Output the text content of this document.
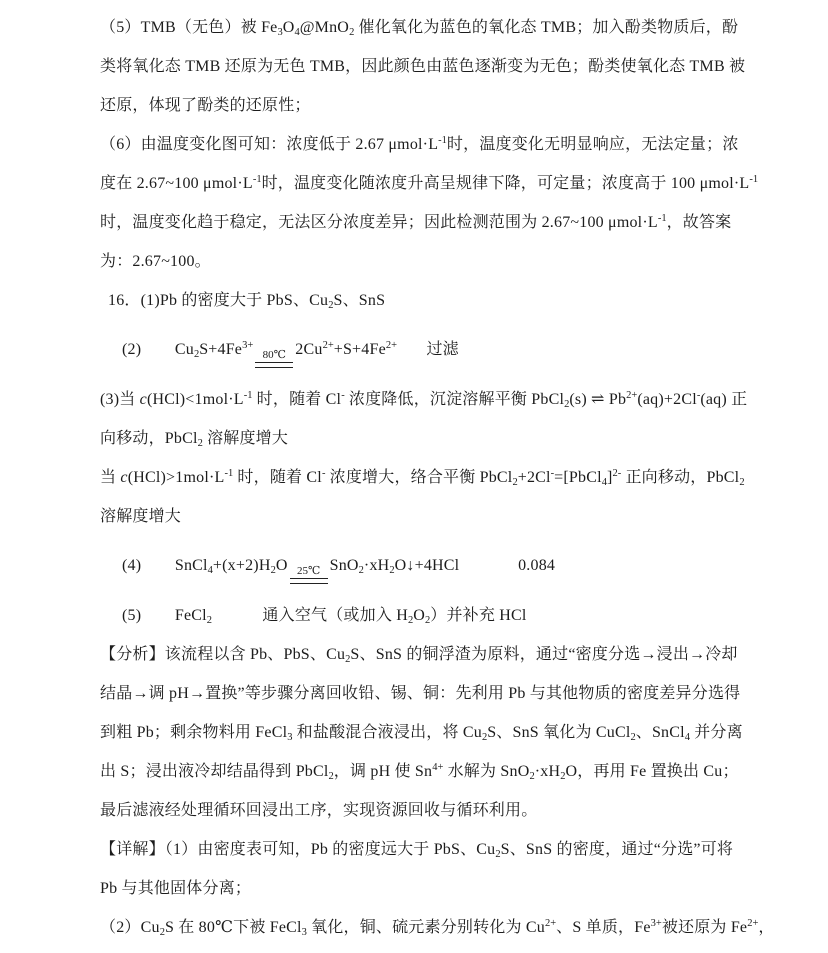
（5）TMB（无色）被 $Fe_3O_4@MnO_2$ 催化氧化为蓝色的氧化态 TMB；加入酚类物质后，酚
类将氧化态 TMB 还原为无色 TMB，因此颜色由蓝色逐渐变为无色；酚类使氧化态 TMB 被
还原，体现了酚类的还原性；
（6）由温度变化图可知：浓度低于 2.67 $\mu mol\cdot L^{-1}$时，温度变化无明显响应，无法定量；浓
度在 2.67~100 $\mu mol\cdot L^{-1}$时，温度变化随浓度升高呈规律下降，可定量；浓度高于 100 $\mu mol\cdot L^{-1}$
时，温度变化趋于稳定，无法区分浓度差异；因此检测范围为 2.67~100 $\mu mol\cdot L^{-1}$，故答案
为：2.67~100。
16．(1)Pb 的密度大于 PbS、$Cu_2S$、SnS
(2)        $Cu_2S+4Fe^{3+}$
80℃ $2Cu^{2+}+S+4Fe^{2+}$       过滤
(3)当 $c(HCl)<1mol\cdot L^{-1}$ 时，随着 Cl- 浓度降低，沉淀溶解平衡 PbCl$_2$(s) ⇌ $Pb^{2+}(aq)+2Cl^-(aq)$ 正
向移动，PbCl$_2$ 溶解度增大
当 $c(HCl)>1mol\cdot L^{-1}$ 时，随着 Cl- 浓度增大，络合平衡 PbCl$_2$+2Cl-=[PbCl$_4$]$^{2-}$ 正向移动，PbCl$_2$
溶解度增大
(4)        $SnCl_4+(x+2)H_2O$ 25℃ $SnO_2\cdot xH_2O↓+4HCl$              0.084
(5)        FeCl$_2$            通入空气（或加入 $H_2O_2$）并补充 HCl
【分析】该流程以含 Pb、PbS、$Cu_2S$、SnS 的铜浮渣为原料，通过“密度分选→浸出→冷却
结晶→调 pH→置换”等步骤分离回收铅、锡、铜：先利用 Pb 与其他物质的密度差异分选得
到粗 Pb；剩余物料用 FeCl$_3$ 和盐酸混合液浸出，将 $Cu_2S$、SnS 氧化为 CuCl$_2$、SnCl$_4$ 并分离
出 S；浸出液冷却结晶得到 PbCl$_2$，调 pH 使 $Sn^{4+}$ 水解为 $SnO_2\cdot xH_2O$，再用 Fe 置换出 Cu；
最后滤液经处理循环回浸出工序，实现资源回收与循环利用。
【详解】（1）由密度表可知，Pb 的密度远大于 PbS、$Cu_2S$、SnS 的密度，通过“分选”可将
Pb 与其他固体分离；
$(2)Cu_2S$ 在 80℃下被 FeCl$_3$ 氧化，铜、硫元素分别转化为 $Cu^{2+}$、S 单质，$Fe^{3+}$被还原为 $Fe^{2+}$，
